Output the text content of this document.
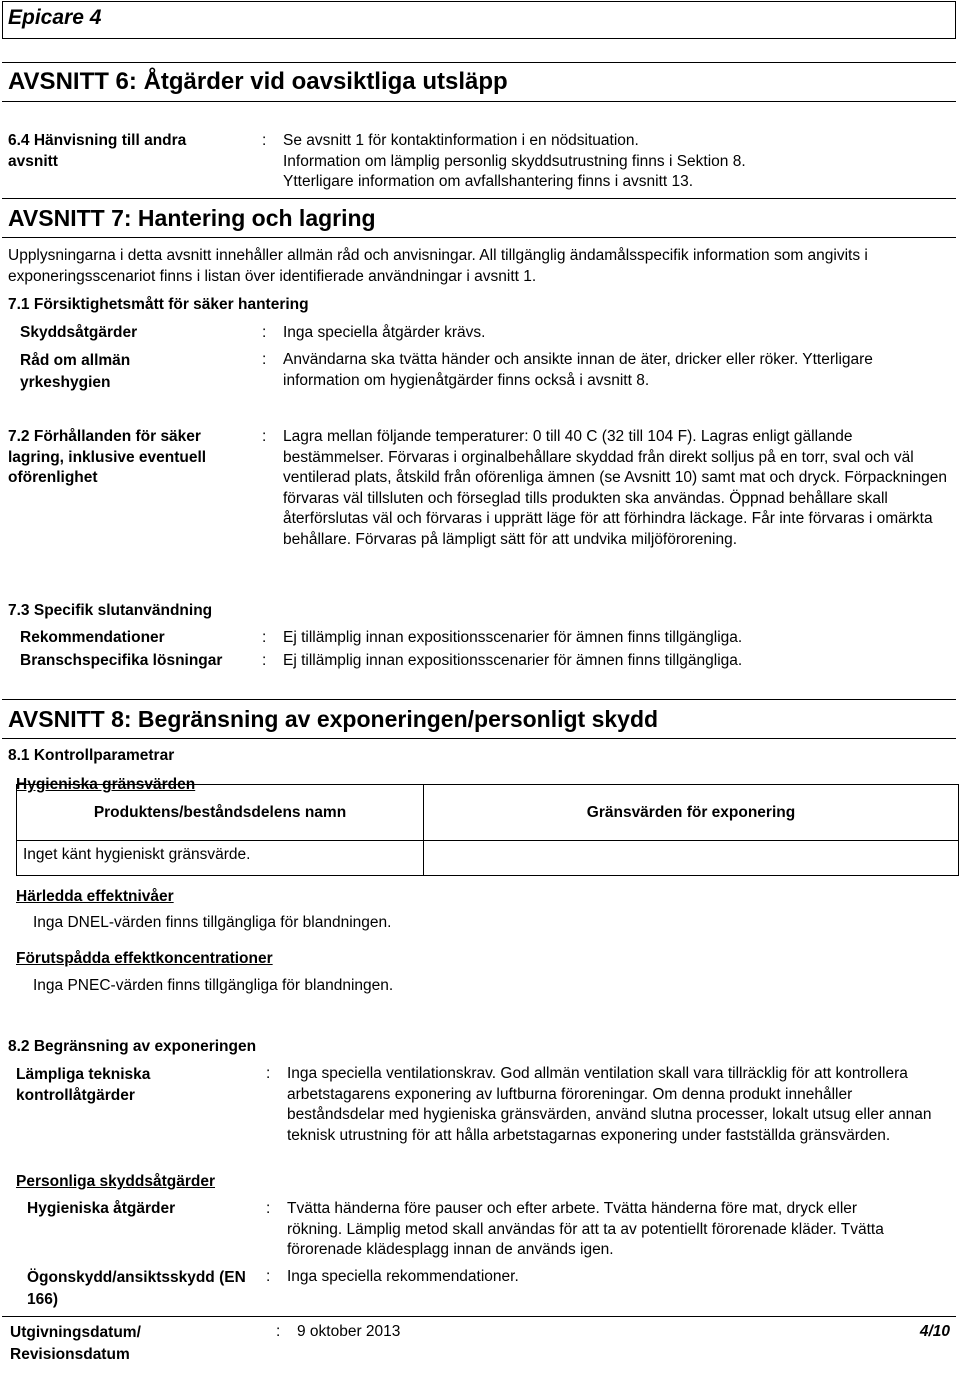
Epicare 4
AVSNITT 6: Åtgärder vid oavsiktliga utsläpp
6.4 Hänvisning till andra avsnitt
: Se avsnitt 1 för kontaktinformation i en nödsituation.
Information om lämplig personlig skyddsutrustning finns i Sektion 8.
Ytterligare information om avfallshantering finns i avsnitt 13.
AVSNITT 7: Hantering och lagring
Upplysningarna i detta avsnitt innehåller allmän råd och anvisningar. All tillgänglig ändamålsspecifik information som angivits i exponeringsscenariot finns i listan över identifierade användningar i avsnitt 1.
7.1 Försiktighetsmått för säker hantering
Skyddsåtgärder	: Inga speciella åtgärder krävs.
Råd om allmän yrkeshygien
: Användarna ska tvätta händer och ansikte innan de äter, dricker eller röker. Ytterligare information om hygienåtgärder finns också i avsnitt 8.
7.2 Förhållanden för säker lagring, inklusive eventuell oförenlighet
: Lagra mellan följande temperaturer: 0 till 40 C (32 till 104 F). Lagras enligt gällande bestämmelser. Förvaras i orginalbehållare skyddad från direkt solljus på en torr, sval och väl ventilerad plats, åtskild från oförenliga ämnen (se Avsnitt 10) samt mat och dryck. Förpackningen förvaras väl tillsluten och förseglad tills produkten ska användas. Öppnad behållare skall återförslutas väl och förvaras i upprätt läge för att förhindra läckage. Får inte förvaras i omärkta behållare. Förvaras på lämpligt sätt för att undvika miljöförorening.
7.3 Specifik slutanvändning
Rekommendationer	: Ej tillämplig innan expositionsscenarier för ämnen finns tillgängliga.
Branschspecifika lösningar	: Ej tillämplig innan expositionsscenarier för ämnen finns tillgängliga.
AVSNITT 8: Begränsning av exponeringen/personligt skydd
8.1 Kontrollparametrar
Hygieniska gränsvärden
Produktens/beståndsdelens namn	Gränsvärden för exponering
Inget känt hygieniskt gränsvärde.	
Härledda effektnivåer
Inga DNEL-värden finns tillgängliga för blandningen.
Förutspådda effektkoncentrationer
Inga PNEC-värden finns tillgängliga för blandningen.
8.2 Begränsning av exponeringen
Lämpliga tekniska kontrollåtgärder
: Inga speciella ventilationskrav. God allmän ventilation skall vara tillräcklig för att kontrollera arbetstagarens exponering av luftburna föroreningar. Om denna produkt innehåller beståndsdelar med hygieniska gränsvärden, använd slutna processer, lokalt utsug eller annan teknisk utrustning för att hålla arbetstagarnas exponering under fastställda gränsvärden.
Personliga skyddsåtgärder
Hygieniska åtgärder	: Tvätta händerna före pauser och efter arbete. Tvätta händerna före mat, dryck eller rökning. Lämplig metod skall användas för att ta av potentiellt förorenade kläder. Tvätta förorenade klädesplagg innan de används igen.
Ögonskydd/ansiktsskydd (EN 166)
: Inga speciella rekommendationer.
Utgivningsdatum/ Revisionsdatum
: 9 oktober 2013	4/10
